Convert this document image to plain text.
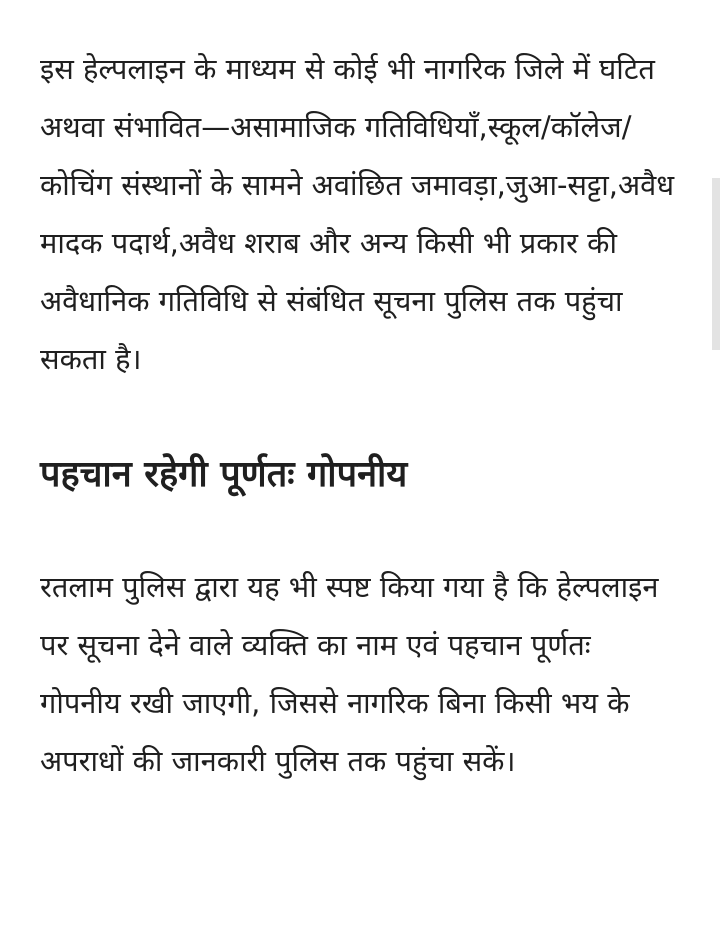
इस हेल्पलाइन के माध्यम से कोई भी नागरिक जिले में घटित अथवा संभावित—असामाजिक गतिविधियाँ,स्कूल/कॉलेज/कोचिंग संस्थानों के सामने अवांछित जमावड़ा,जुआ-सट्टा,अवैध मादक पदार्थ,अवैध शराब और अन्य किसी भी प्रकार की अवैधानिक गतिविधि से संबंधित सूचना पुलिस तक पहुंचा सकता है।

पहचान रहेगी पूर्णतः गोपनीय

रतलाम पुलिस द्वारा यह भी स्पष्ट किया गया है कि हेल्पलाइन पर सूचना देने वाले व्यक्ति का नाम एवं पहचान पूर्णतः गोपनीय रखी जाएगी, जिससे नागरिक बिना किसी भय के अपराधों की जानकारी पुलिस तक पहुंचा सकें।
